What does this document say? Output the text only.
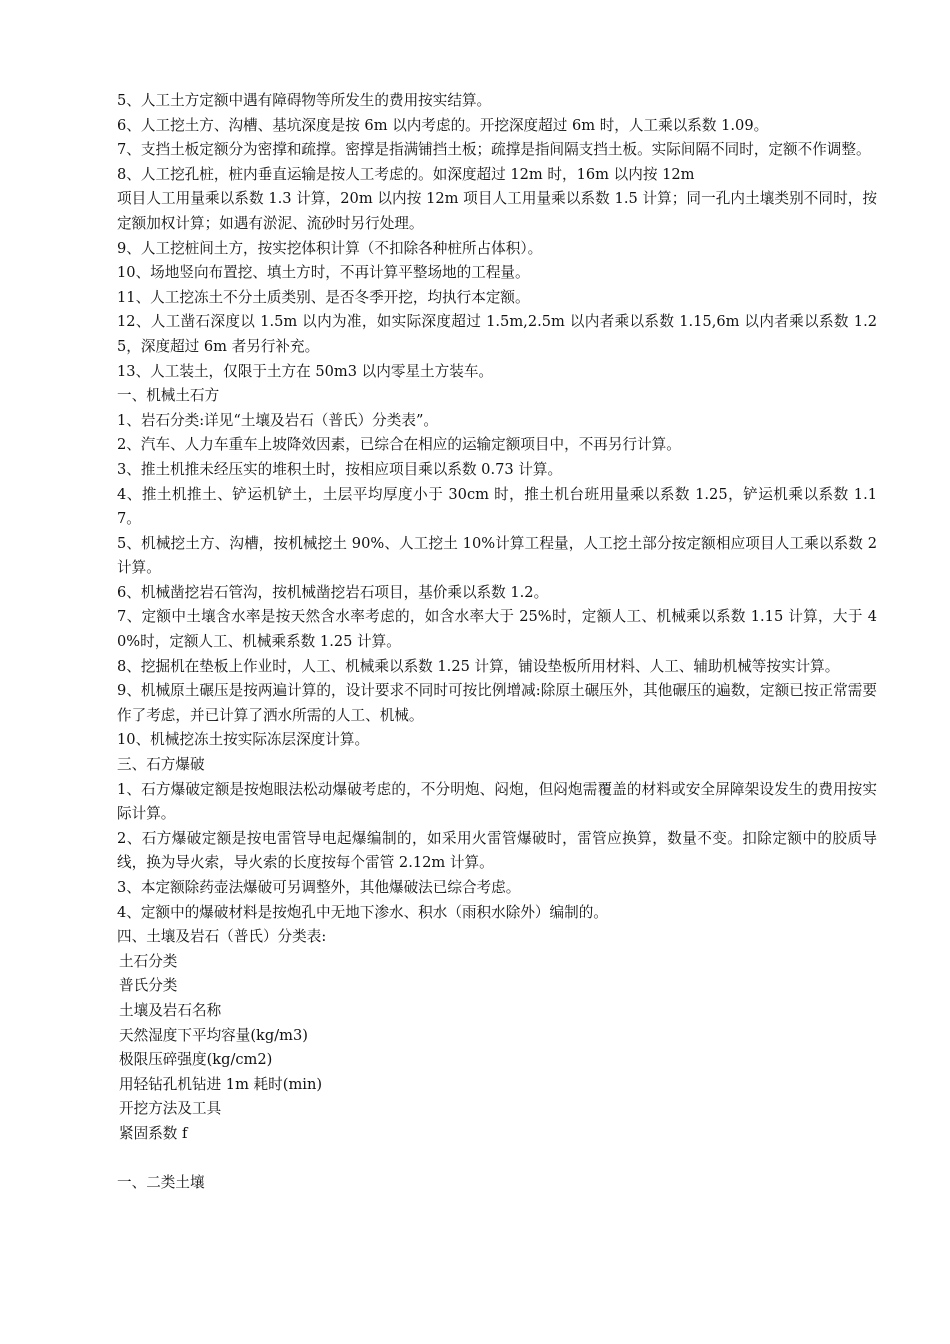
5、人工土方定额中遇有障碍物等所发生的费用按实结算。

6、人工挖土方、沟槽、基坑深度是按 6m 以内考虑的。开挖深度超过 6m 时，人工乘以系数 1.09。

7、支挡土板定额分为密撑和疏撑。密撑是指满铺挡土板；疏撑是指间隔支挡土板。实际间隔不同时，定额不作调整。

8、人工挖孔桩，桩内垂直运输是按人工考虑的。如深度超过 12m 时，16m 以内按 12m

项目人工用量乘以系数 1.3 计算，20m 以内按 12m 项目人工用量乘以系数 1.5 计算；同一孔内土壤类别不同时，按定额加权计算；如遇有淤泥、流砂时另行处理。

9、人工挖桩间土方，按实挖体积计算（不扣除各种桩所占体积）。

10、场地竖向布置挖、填土方时，不再计算平整场地的工程量。

11、人工挖冻土不分土质类别、是否冬季开挖，均执行本定额。

12、人工凿石深度以 1.5m 以内为准，如实际深度超过 1.5m,2.5m 以内者乘以系数 1.15,6m 以内者乘以系数 1.25，深度超过 6m 者另行补充。

13、人工装土，仅限于土方在 50m3 以内零星土方装车。

一、机械土石方

1、岩石分类:详见“土壤及岩石（普氏）分类表”。

2、汽车、人力车重车上坡降效因素，已综合在相应的运输定额项目中，不再另行计算。

3、推土机推未经压实的堆积土时，按相应项目乘以系数 0.73 计算。

4、推土机推土、铲运机铲土，土层平均厚度小于 30cm 时，推土机台班用量乘以系数 1.25，铲运机乘以系数 1.17。

5、机械挖土方、沟槽，按机械挖土 90%、人工挖土 10%计算工程量，人工挖土部分按定额相应项目人工乘以系数 2 计算。

6、机械凿挖岩石管沟，按机械凿挖岩石项目，基价乘以系数 1.2。

7、定额中土壤含水率是按天然含水率考虑的，如含水率大于 25%时，定额人工、机械乘以系数 1.15 计算，大于 40%时，定额人工、机械乘系数 1.25 计算。

8、挖掘机在垫板上作业时，人工、机械乘以系数 1.25 计算，铺设垫板所用材料、人工、辅助机械等按实计算。

9、机械原土碾压是按两遍计算的，设计要求不同时可按比例增减:除原土碾压外，其他碾压的遍数，定额已按正常需要作了考虑，并已计算了洒水所需的人工、机械。

10、机械挖冻土按实际冻层深度计算。

三、石方爆破

1、石方爆破定额是按炮眼法松动爆破考虑的，不分明炮、闷炮，但闷炮需覆盖的材料或安全屏障架设发生的费用按实际计算。

2、石方爆破定额是按电雷管导电起爆编制的，如采用火雷管爆破时，雷管应换算，数量不变。扣除定额中的胶质导线，换为导火索，导火索的长度按每个雷管 2.12m 计算。

3、本定额除药壶法爆破可另调整外，其他爆破法已综合考虑。

4、定额中的爆破材料是按炮孔中无地下渗水、积水（雨积水除外）编制的。

四、土壤及岩石（普氏）分类表:

土石分类

普氏分类

土壤及岩石名称

天然湿度下平均容量(kg/m3)

极限压碎强度(kg/cm2)

用轻钻孔机钻进 1m 耗时(min)

开挖方法及工具

紧固系数 f

一、二类土壤
